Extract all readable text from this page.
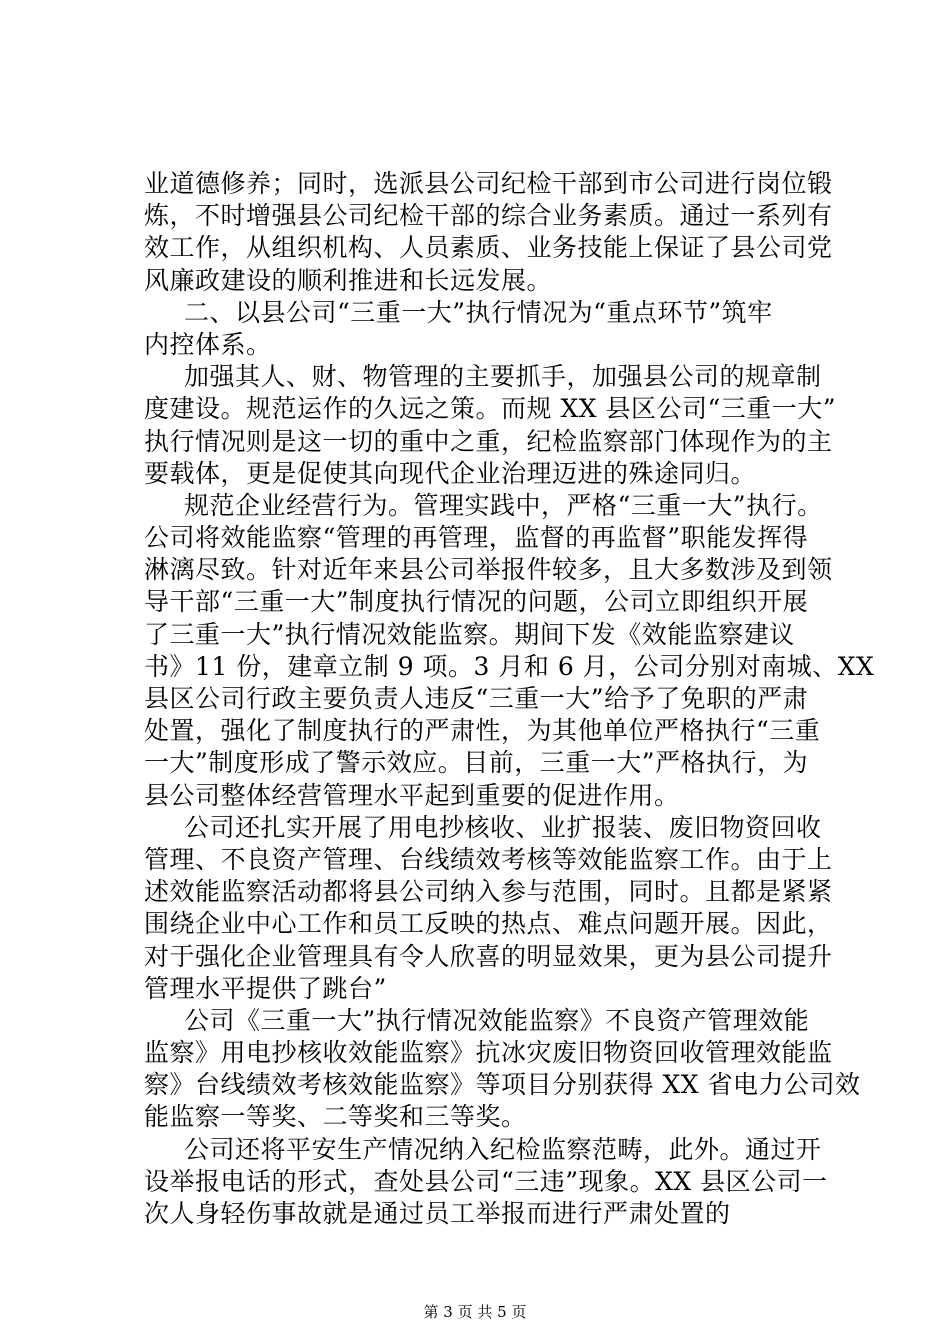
业道德修养；同时，选派县公司纪检干部到市公司进行岗位锻
炼，不时增强县公司纪检干部的综合业务素质。通过一系列有
效工作，从组织机构、人员素质、业务技能上保证了县公司党
风廉政建设的顺利推进和长远发展。
二、以县公司“三重一大”执行情况为“重点环节”筑牢
内控体系。
加强其人、财、物管理的主要抓手，加强县公司的规章制
度建设。规范运作的久远之策。而规 XX 县区公司“三重一大”
执行情况则是这一切的重中之重，纪检监察部门体现作为的主
要载体，更是促使其向现代企业治理迈进的殊途同归。
规范企业经营行为。管理实践中，严格“三重一大”执行。
公司将效能监察“管理的再管理，监督的再监督”职能发挥得
淋漓尽致。针对近年来县公司举报件较多，且大多数涉及到领
导干部“三重一大”制度执行情况的问题，公司立即组织开展
了三重一大”执行情况效能监察。期间下发《效能监察建议
书》11 份，建章立制 9 项。3 月和 6 月，公司分别对南城、XX
县区公司行政主要负责人违反“三重一大”给予了免职的严肃
处置，强化了制度执行的严肃性，为其他单位严格执行“三重
一大”制度形成了警示效应。目前，三重一大”严格执行，为
县公司整体经营管理水平起到重要的促进作用。
公司还扎实开展了用电抄核收、业扩报装、废旧物资回收
管理、不良资产管理、台线绩效考核等效能监察工作。由于上
述效能监察活动都将县公司纳入参与范围，同时。且都是紧紧
围绕企业中心工作和员工反映的热点、难点问题开展。因此，
对于强化企业管理具有令人欣喜的明显效果，更为县公司提升
管理水平提供了跳台”
公司《三重一大”执行情况效能监察》不良资产管理效能
监察》用电抄核收效能监察》抗冰灾废旧物资回收管理效能监
察》台线绩效考核效能监察》等项目分别获得 XX 省电力公司效
能监察一等奖、二等奖和三等奖。
公司还将平安生产情况纳入纪检监察范畴，此外。通过开
设举报电话的形式，查处县公司“三违”现象。XX 县区公司一
次人身轻伤事故就是通过员工举报而进行严肃处置的
第 3 页 共 5 页
